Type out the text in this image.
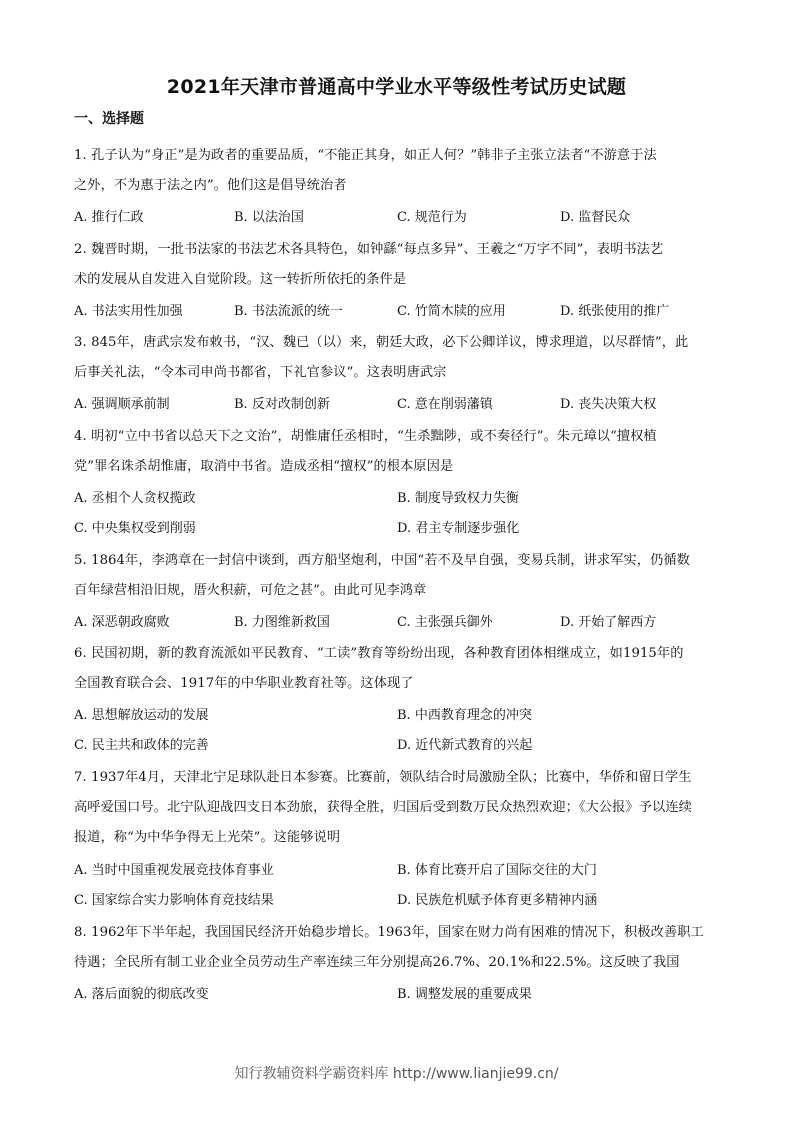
2021年天津市普通高中学业水平等级性考试历史试题
一、选择题
1. 孔子认为“身正”是为政者的重要品质，“不能正其身，如正人何？”韩非子主张立法者“不游意于法
之外，不为惠于法之内”。他们这是倡导统治者
A. 推行仁政	B. 以法治国	C. 规范行为	D. 监督民众
2. 魏晋时期，一批书法家的书法艺术各具特色，如钟繇“每点多异”、王羲之“万字不同”，表明书法艺
术的发展从自发进入自觉阶段。这一转折所依托的条件是
A. 书法实用性加强	B. 书法流派的统一	C. 竹简木牍的应用	D. 纸张使用的推广
3. 845年，唐武宗发布敕书，“汉、魏已（以）来，朝廷大政，必下公卿详议，博求理道，以尽群情”，此
后事关礼法，“令本司申尚书都省，下礼官参议”。这表明唐武宗
A. 强调顺承前制	B. 反对改制创新	C. 意在削弱藩镇	D. 丧失决策大权
4. 明初“立中书省以总天下之文治”，胡惟庸任丞相时，“生杀黜陟，或不奏径行”。朱元璋以“擅权植
党”罪名诛杀胡惟庸，取消中书省。造成丞相“擅权”的根本原因是
A. 丞相个人贪权揽政	B. 制度导致权力失衡
C. 中央集权受到削弱	D. 君主专制逐步强化
5. 1864年，李鸿章在一封信中谈到，西方船坚炮利，中国“若不及早自强，变易兵制，讲求军实，仍循数
百年绿营相沿旧规，厝火积薪，可危之甚”。由此可见李鸿章
A. 深恶朝政腐败	B. 力图维新救国	C. 主张强兵御外	D. 开始了解西方
6. 民国初期，新的教育流派如平民教育、“工读”教育等纷纷出现，各种教育团体相继成立，如1915年的
全国教育联合会、1917年的中华职业教育社等。这体现了
A. 思想解放运动的发展	B. 中西教育理念的冲突
C. 民主共和政体的完善	D. 近代新式教育的兴起
7. 1937年4月，天津北宁足球队赴日本参赛。比赛前，领队结合时局激励全队；比赛中，华侨和留日学生
高呼爱国口号。北宁队迎战四支日本劲旅，获得全胜，归国后受到数万民众热烈欢迎；《大公报》予以连续
报道，称“为中华争得无上光荣”。这能够说明
A. 当时中国重视发展竞技体育事业	B. 体育比赛开启了国际交往的大门
C. 国家综合实力影响体育竞技结果	D. 民族危机赋予体育更多精神内涵
8. 1962年下半年起，我国国民经济开始稳步增长。1963年，国家在财力尚有困难的情况下，积极改善职工
待遇；全民所有制工业企业全员劳动生产率连续三年分别提高26.7%、20.1%和22.5%。这反映了我国
A. 落后面貌的彻底改变	B. 调整发展的重要成果
知行教辅资料学霸资料库 http://www.lianjie99.cn/
